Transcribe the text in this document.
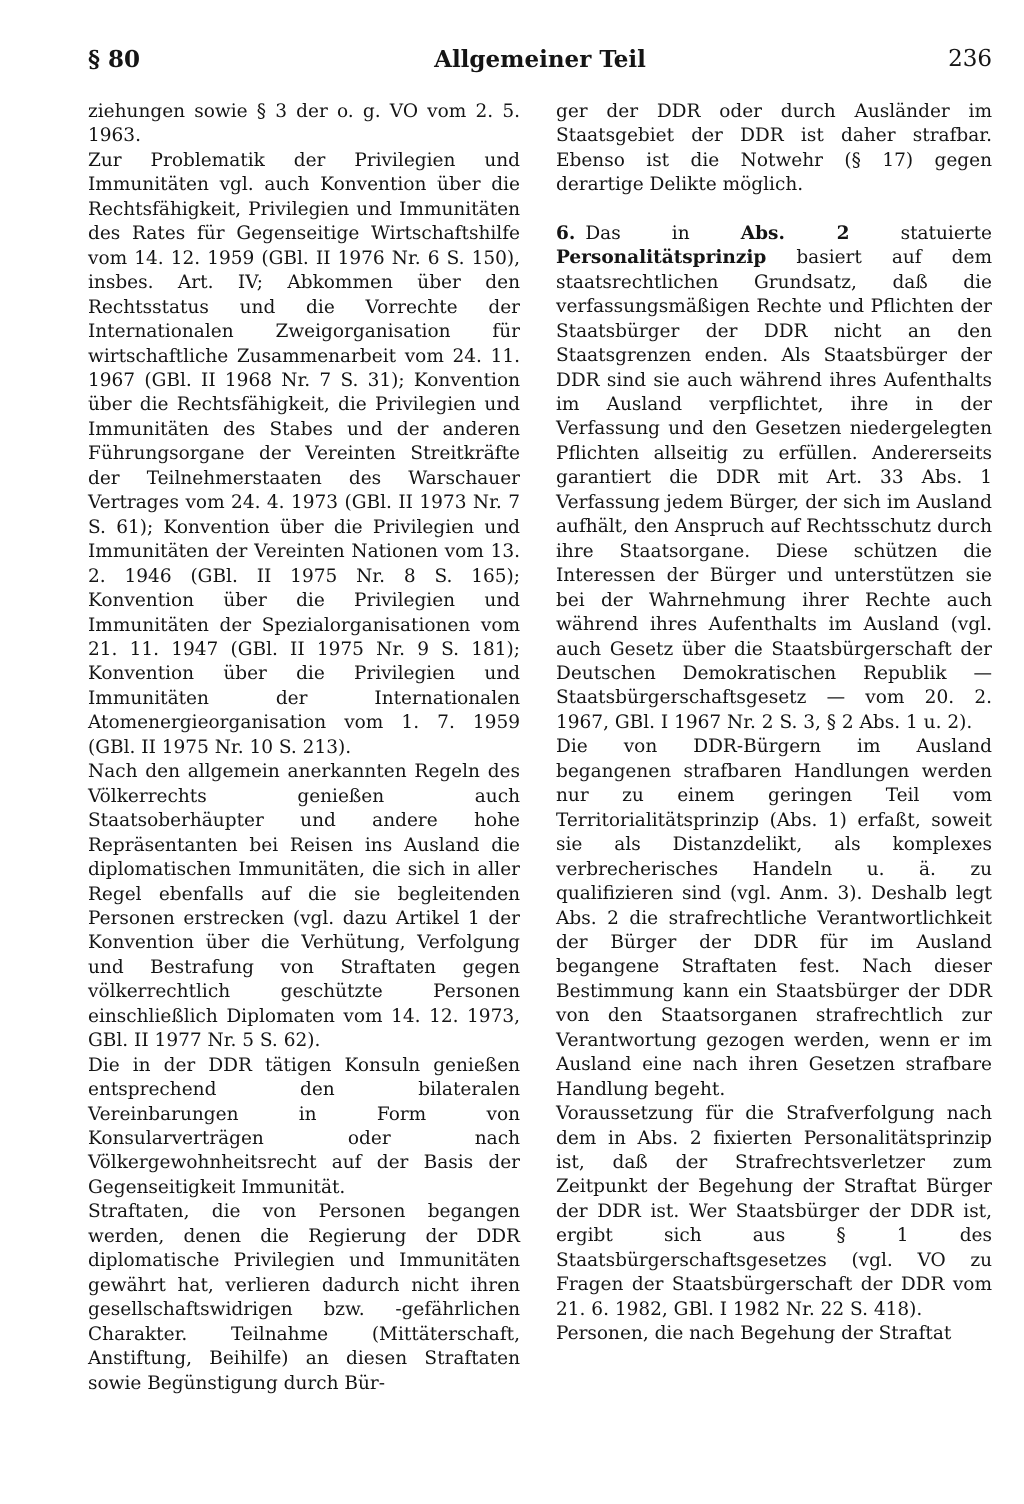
§ 80	Allgemeiner Teil	236

ziehungen sowie § 3 der o. g. VO vom 2. 5. 1963.

Zur Problematik der Privilegien und Immunitäten vgl. auch Konvention über die Rechtsfähigkeit, Privilegien und Immunitäten des Rates für Gegenseitige Wirtschaftshilfe vom 14. 12. 1959 (GBl. II 1976 Nr. 6 S. 150), insbes. Art. IV; Abkommen über den Rechtsstatus und die Vorrechte der Internationalen Zweigorganisation für wirtschaftliche Zusammenarbeit vom 24. 11. 1967 (GBl. II 1968 Nr. 7 S. 31); Konvention über die Rechtsfähigkeit, die Privilegien und Immunitäten des Stabes und der anderen Führungsorgane der Vereinten Streitkräfte der Teilnehmerstaaten des Warschauer Vertrages vom 24. 4. 1973 (GBl. II 1973 Nr. 7 S. 61); Konvention über die Privilegien und Immunitäten der Vereinten Nationen vom 13. 2. 1946 (GBl. II 1975 Nr. 8 S. 165); Konvention über die Privilegien und Immunitäten der Spezialorganisationen vom 21. 11. 1947 (GBl. II 1975 Nr. 9 S. 181); Konvention über die Privilegien und Immunitäten der Internationalen Atomenergieorganisation vom 1. 7. 1959 (GBl. II 1975 Nr. 10 S. 213).

Nach den allgemein anerkannten Regeln des Völkerrechts genießen auch Staatsoberhäupter und andere hohe Repräsentanten bei Reisen ins Ausland die diplomatischen Immunitäten, die sich in aller Regel ebenfalls auf die sie begleitenden Personen erstrecken (vgl. dazu Artikel 1 der Konvention über die Verhütung, Verfolgung und Bestrafung von Straftaten gegen völkerrechtlich geschützte Personen einschließlich Diplomaten vom 14. 12. 1973, GBl. II 1977 Nr. 5 S. 62).

Die in der DDR tätigen Konsuln genießen entsprechend den bilateralen Vereinbarungen in Form von Konsularverträgen oder nach Völkergewohnheitsrecht auf der Basis der Gegenseitigkeit Immunität.

Straftaten, die von Personen begangen werden, denen die Regierung der DDR diplomatische Privilegien und Immunitäten gewährt hat, verlieren dadurch nicht ihren gesellschaftswidrigen bzw. -gefährlichen Charakter. Teilnahme (Mittäterschaft, Anstiftung, Beihilfe) an diesen Straftaten sowie Begünstigung durch Bür-

ger der DDR oder durch Ausländer im Staatsgebiet der DDR ist daher strafbar. Ebenso ist die Notwehr (§ 17) gegen derartige Delikte möglich.

6. Das in	Abs. 2	statuierte Personalitätsprinzip basiert auf dem staatsrechtlichen Grundsatz, daß die verfassungsmäßigen Rechte und Pflichten der Staatsbürger der DDR nicht an den Staatsgrenzen enden. Als Staatsbürger der DDR sind sie auch während ihres Aufenthalts im Ausland verpflichtet, ihre in der Verfassung und den Gesetzen niedergelegten Pflichten allseitig zu erfüllen. Andererseits garantiert die DDR mit Art. 33 Abs. 1 Verfassung jedem Bürger, der sich im Ausland aufhält, den Anspruch auf Rechtsschutz durch ihre Staatsorgane. Diese schützen die Interessen der Bürger und unterstützen sie bei der Wahrnehmung ihrer Rechte auch während ihres Aufenthalts im Ausland (vgl. auch Gesetz über die Staatsbürgerschaft der Deutschen Demokratischen Republik — Staatsbürgerschaftsgesetz — vom 20. 2. 1967, GBl. I 1967 Nr. 2 S. 3, § 2 Abs. 1 u. 2).

Die von DDR-Bürgern im Ausland begangenen strafbaren Handlungen werden nur zu einem geringen Teil vom Territorialitätsprinzip (Abs. 1) erfaßt, soweit sie als Distanzdelikt, als komplexes verbrecherisches Handeln u. ä. zu qualifizieren sind (vgl. Anm. 3). Deshalb legt Abs. 2 die strafrechtliche Verantwortlichkeit der Bürger der DDR für im Ausland begangene Straftaten fest. Nach dieser Bestimmung kann ein Staatsbürger der DDR von den Staatsorganen strafrechtlich zur Verantwortung gezogen werden, wenn er im Ausland eine nach ihren Gesetzen strafbare Handlung begeht.

Voraussetzung für die Strafverfolgung nach dem in Abs. 2 fixierten Personalitätsprinzip ist, daß der Strafrechtsverletzer zum Zeitpunkt der Begehung der Straftat Bürger der DDR ist. Wer Staatsbürger der DDR ist, ergibt sich aus § 1 des Staatsbürgerschaftsgesetzes (vgl. VO zu Fragen der Staatsbürgerschaft der DDR vom 21. 6. 1982, GBl. I 1982 Nr. 22 S. 418).

Personen, die nach Begehung der Straftat
